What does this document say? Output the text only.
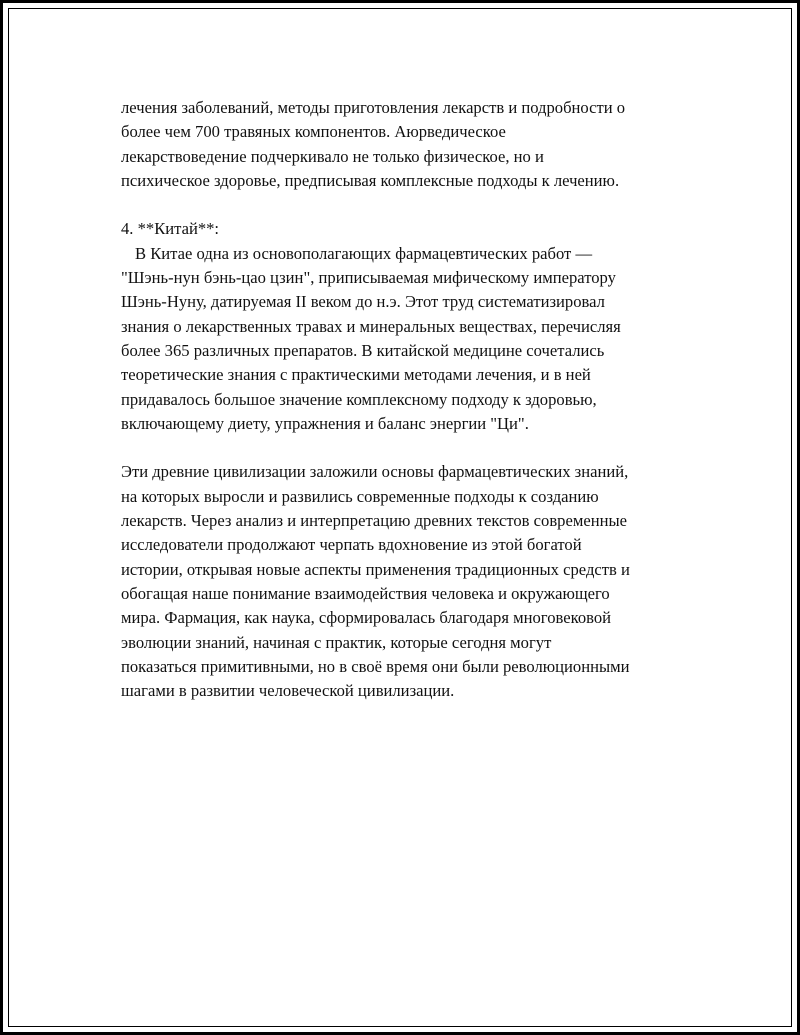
лечения заболеваний, методы приготовления лекарств и подробности о
более чем 700 травяных компонентов. Аюрведическое
лекарствоведение подчеркивало не только физическое, но и
психическое здоровье, предписывая комплексные подходы к лечению.
4. **Китай**:
В Китае одна из основополагающих фармацевтических работ —
"Шэнь-нун бэнь-цао цзин", приписываемая мифическому императору
Шэнь-Нуну, датируемая II веком до н.э. Этот труд систематизировал
знания о лекарственных травах и минеральных веществах, перечисляя
более 365 различных препаратов. В китайской медицине сочетались
теоретические знания с практическими методами лечения, и в ней
придавалось большое значение комплексному подходу к здоровью,
включающему диету, упражнения и баланс энергии "Ци".
Эти древние цивилизации заложили основы фармацевтических знаний,
на которых выросли и развились современные подходы к созданию
лекарств. Через анализ и интерпретацию древних текстов современные
исследователи продолжают черпать вдохновение из этой богатой
истории, открывая новые аспекты применения традиционных средств и
обогащая наше понимание взаимодействия человека и окружающего
мира. Фармация, как наука, сформировалась благодаря многовековой
эволюции знаний, начиная с практик, которые сегодня могут
показаться примитивными, но в своё время они были революционными
шагами в развитии человеческой цивилизации.
